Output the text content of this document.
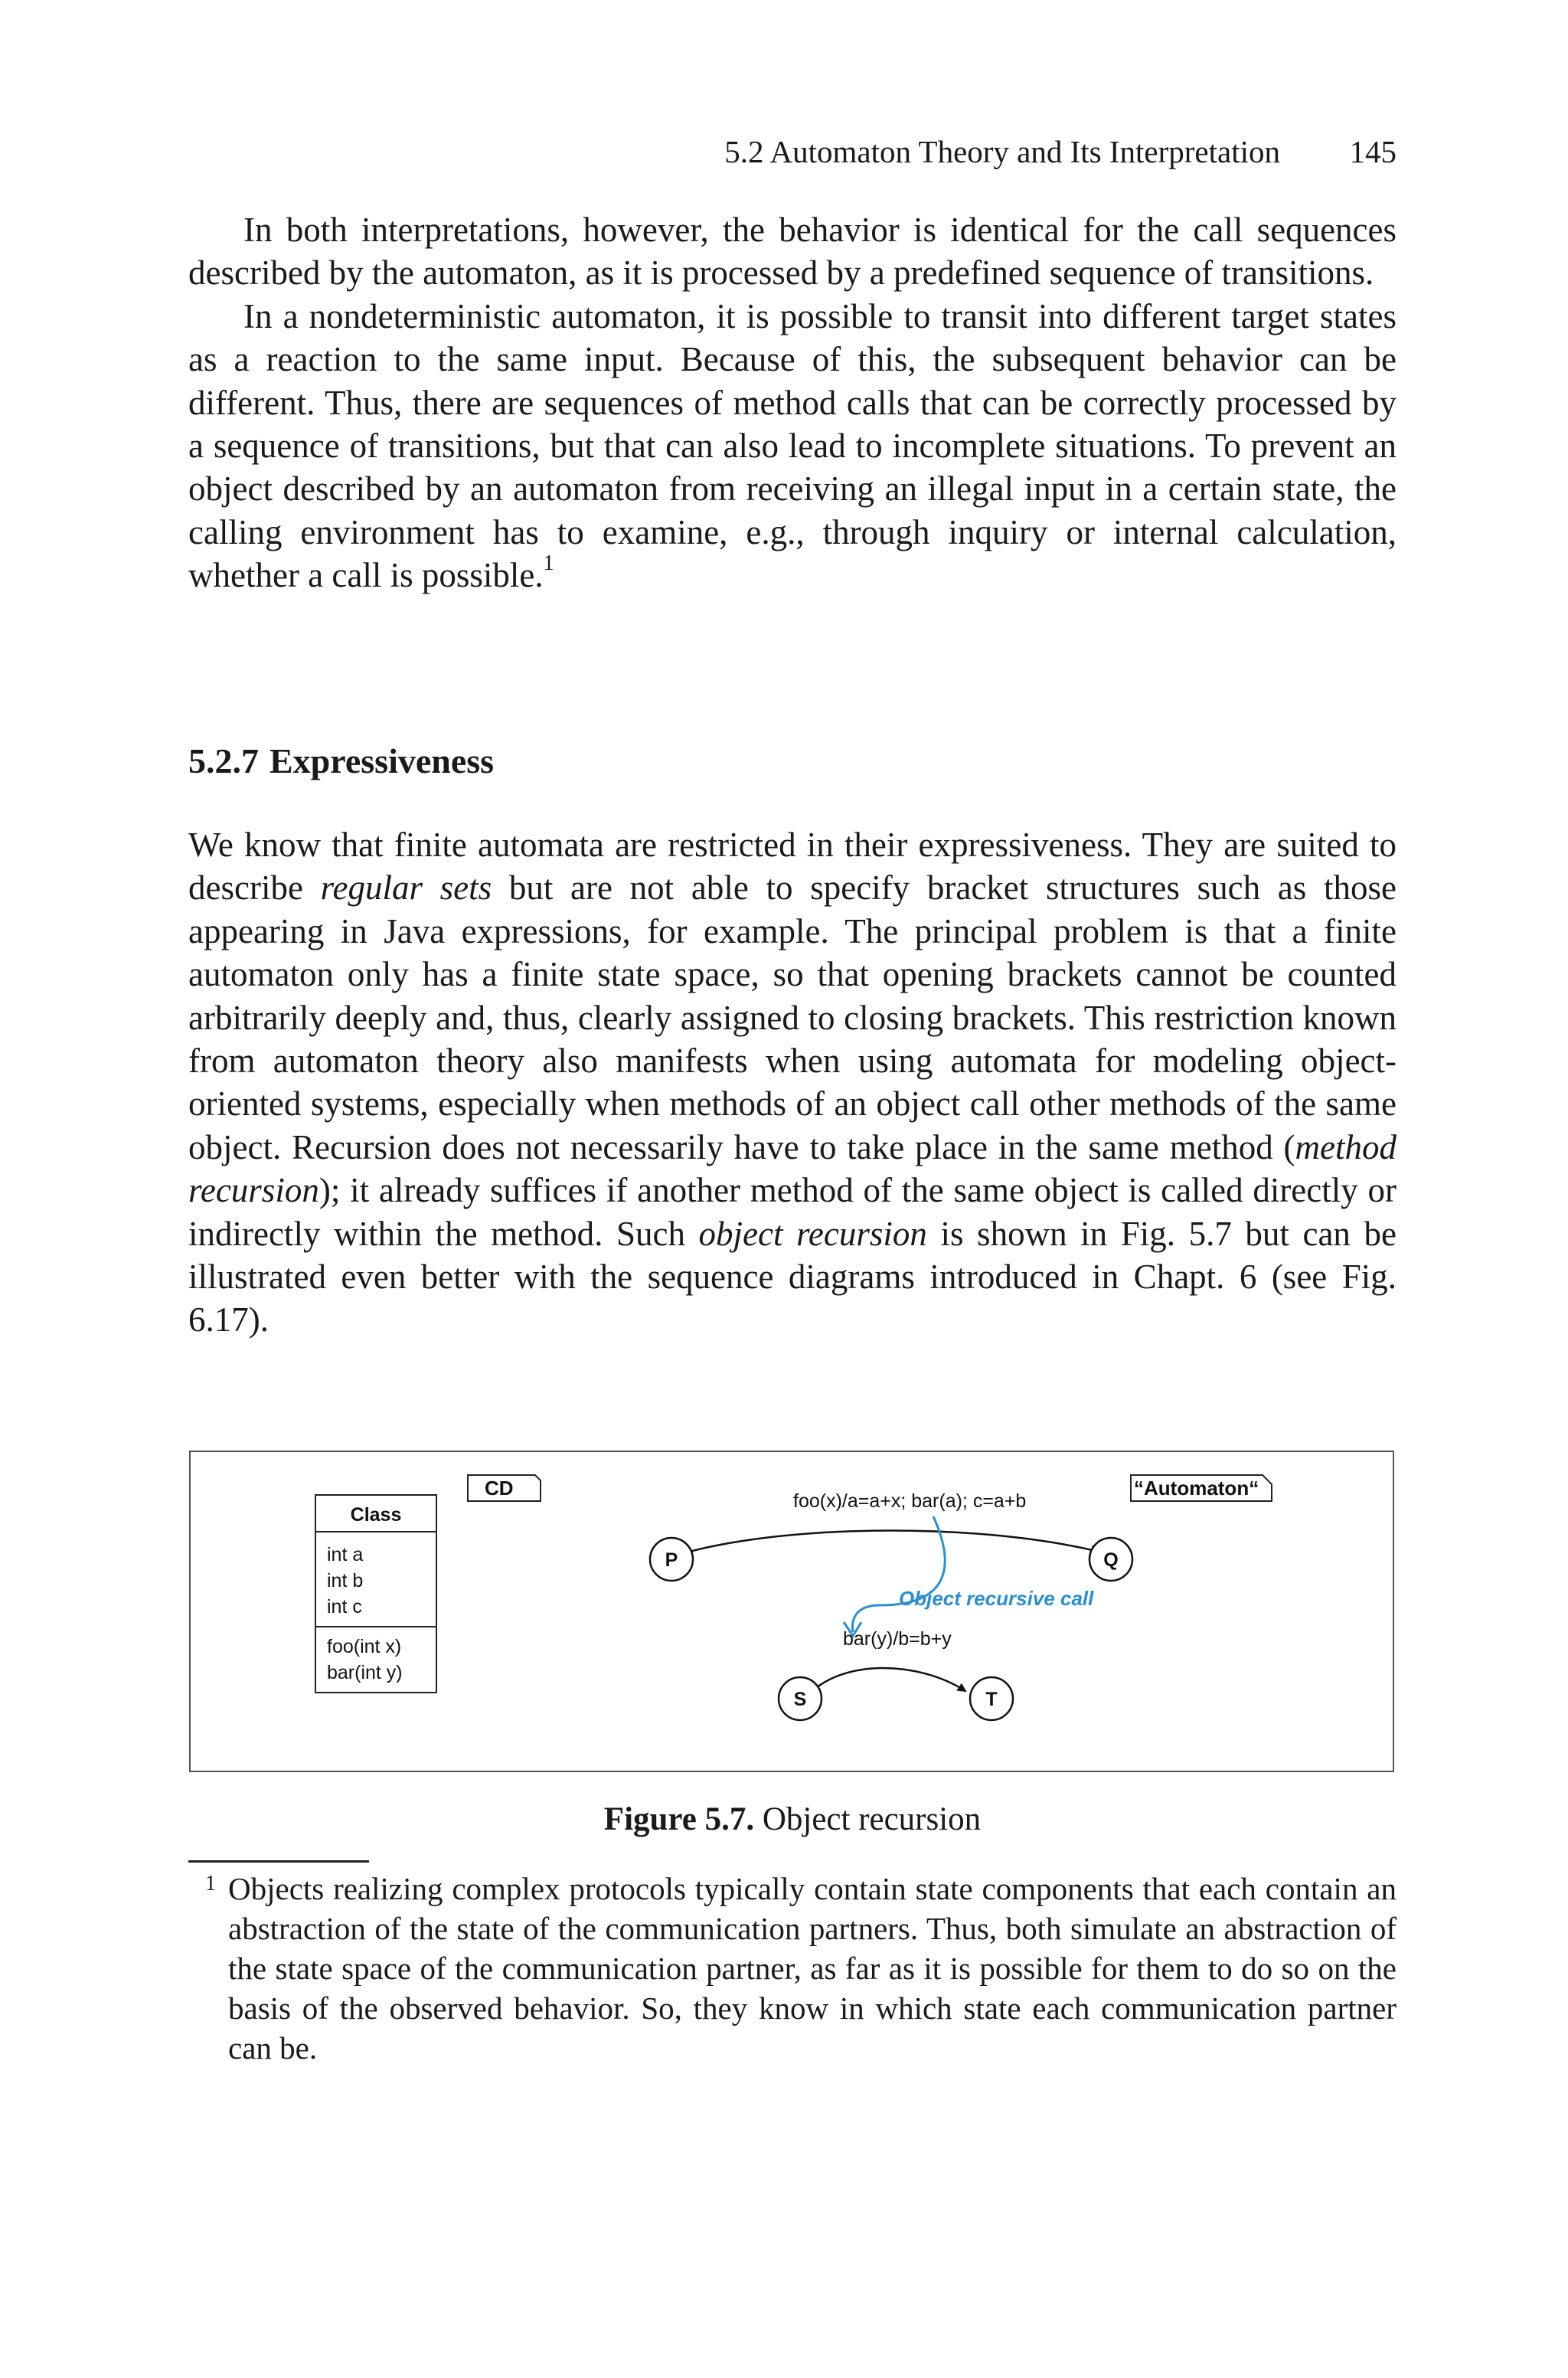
5.2 Automaton Theory and Its Interpretation 145

In both interpretations, however, the behavior is identical for the call sequences described by the automaton, as it is processed by a predefined sequence of transitions.

In a nondeterministic automaton, it is possible to transit into different target states as a reaction to the same input. Because of this, the subsequent behavior can be different. Thus, there are sequences of method calls that can be correctly processed by a sequence of transitions, but that can also lead to incomplete situations. To prevent an object described by an automaton from receiving an illegal input in a certain state, the calling environment has to examine, e.g., through inquiry or internal calculation, whether a call is possible.$^1$

5.2.7 Expressiveness

We know that finite automata are restricted in their expressiveness. They are suited to describe regular sets but are not able to specify bracket structures such as those appearing in Java expressions, for example. The principal problem is that a finite automaton only has a finite state space, so that opening brackets cannot be counted arbitrarily deeply and, thus, clearly assigned to closing brackets. This restriction known from automaton theory also manifests when using automata for modeling object-oriented systems, especially when methods of an object call other methods of the same object. Recursion does not necessarily have to take place in the same method (method recursion); it already suffices if another method of the same object is called directly or indirectly within the method. Such object recursion is shown in Fig. 5.7 but can be illustrated even better with the sequence diagrams introduced in Chapt. 6 (see Fig. 6.17).

CD	“Automaton“
Class
int a
int b
int c
foo(int x)
bar(int y)
foo(x)/a=a+x; bar(a); c=a+b
bar(y)/b=b+y
Object recursive call
P	Q
S	T
Figure 5.7. Object recursion
1 Objects realizing complex protocols typically contain state components that each contain an abstraction of the state of the communication partners. Thus, both simulate an abstraction of the state space of the communication partner, as far as it is possible for them to do so on the basis of the observed behavior. So, they know in which state each communication partner can be.
